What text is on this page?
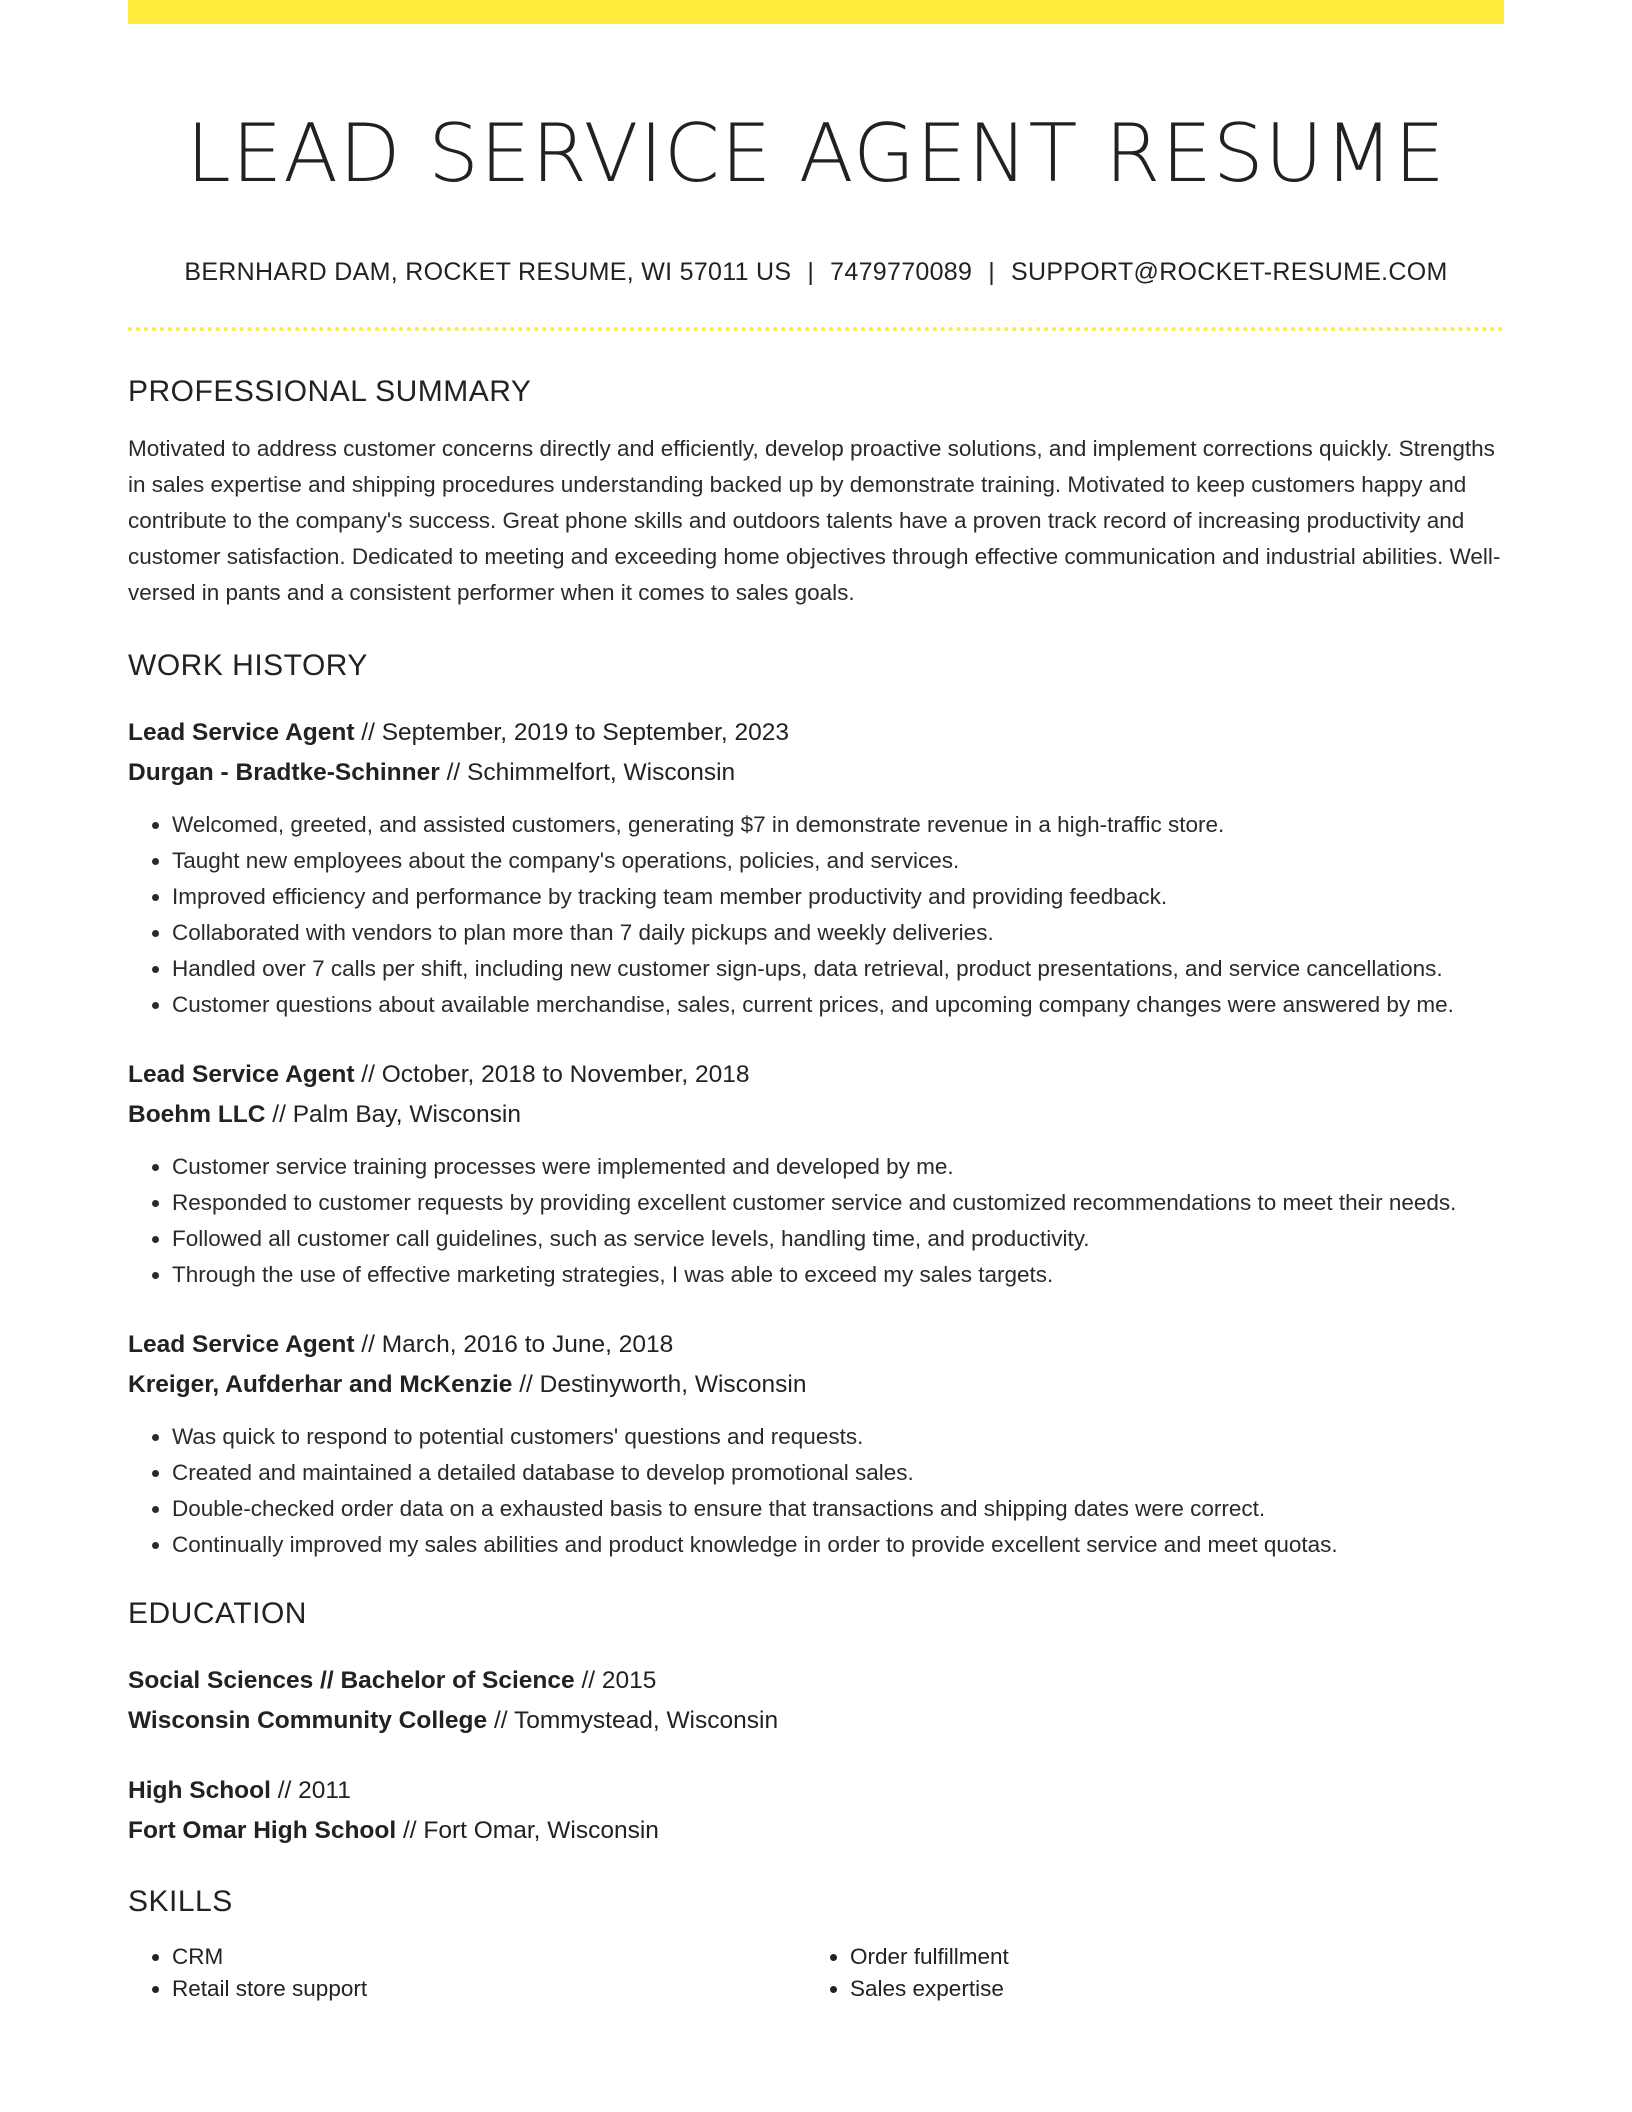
LEAD SERVICE AGENT RESUME
BERNHARD DAM, ROCKET RESUME, WI 57011 US | 7479770089 | SUPPORT@ROCKET-RESUME.COM
PROFESSIONAL SUMMARY

Motivated to address customer concerns directly and efficiently, develop proactive solutions, and implement corrections quickly. Strengths in sales expertise and shipping procedures understanding backed up by demonstrate training. Motivated to keep customers happy and contribute to the company's success. Great phone skills and outdoors talents have a proven track record of increasing productivity and customer satisfaction. Dedicated to meeting and exceeding home objectives through effective communication and industrial abilities. Well-versed in pants and a consistent performer when it comes to sales goals.

WORK HISTORY
Lead Service Agent // September, 2019 to September, 2023
Durgan - Bradtke-Schinner // Schimmelfort, Wisconsin
• Welcomed, greeted, and assisted customers, generating $7 in demonstrate revenue in a high-traffic store.
• Taught new employees about the company's operations, policies, and services.
• Improved efficiency and performance by tracking team member productivity and providing feedback.
• Collaborated with vendors to plan more than 7 daily pickups and weekly deliveries.
• Handled over 7 calls per shift, including new customer sign-ups, data retrieval, product presentations, and service cancellations.
• Customer questions about available merchandise, sales, current prices, and upcoming company changes were answered by me.
Lead Service Agent // October, 2018 to November, 2018
Boehm LLC // Palm Bay, Wisconsin
• Customer service training processes were implemented and developed by me.
• Responded to customer requests by providing excellent customer service and customized recommendations to meet their needs.
• Followed all customer call guidelines, such as service levels, handling time, and productivity.
• Through the use of effective marketing strategies, I was able to exceed my sales targets.
Lead Service Agent // March, 2016 to June, 2018
Kreiger, Aufderhar and McKenzie // Destinyworth, Wisconsin
• Was quick to respond to potential customers' questions and requests.
• Created and maintained a detailed database to develop promotional sales.
• Double-checked order data on a exhausted basis to ensure that transactions and shipping dates were correct.
• Continually improved my sales abilities and product knowledge in order to provide excellent service and meet quotas.
EDUCATION
Social Sciences // Bachelor of Science // 2015
Wisconsin Community College // Tommystead, Wisconsin
High School // 2011
Fort Omar High School // Fort Omar, Wisconsin
SKILLS
• CRM
• Retail store support
• Order fulfillment
• Sales expertise
